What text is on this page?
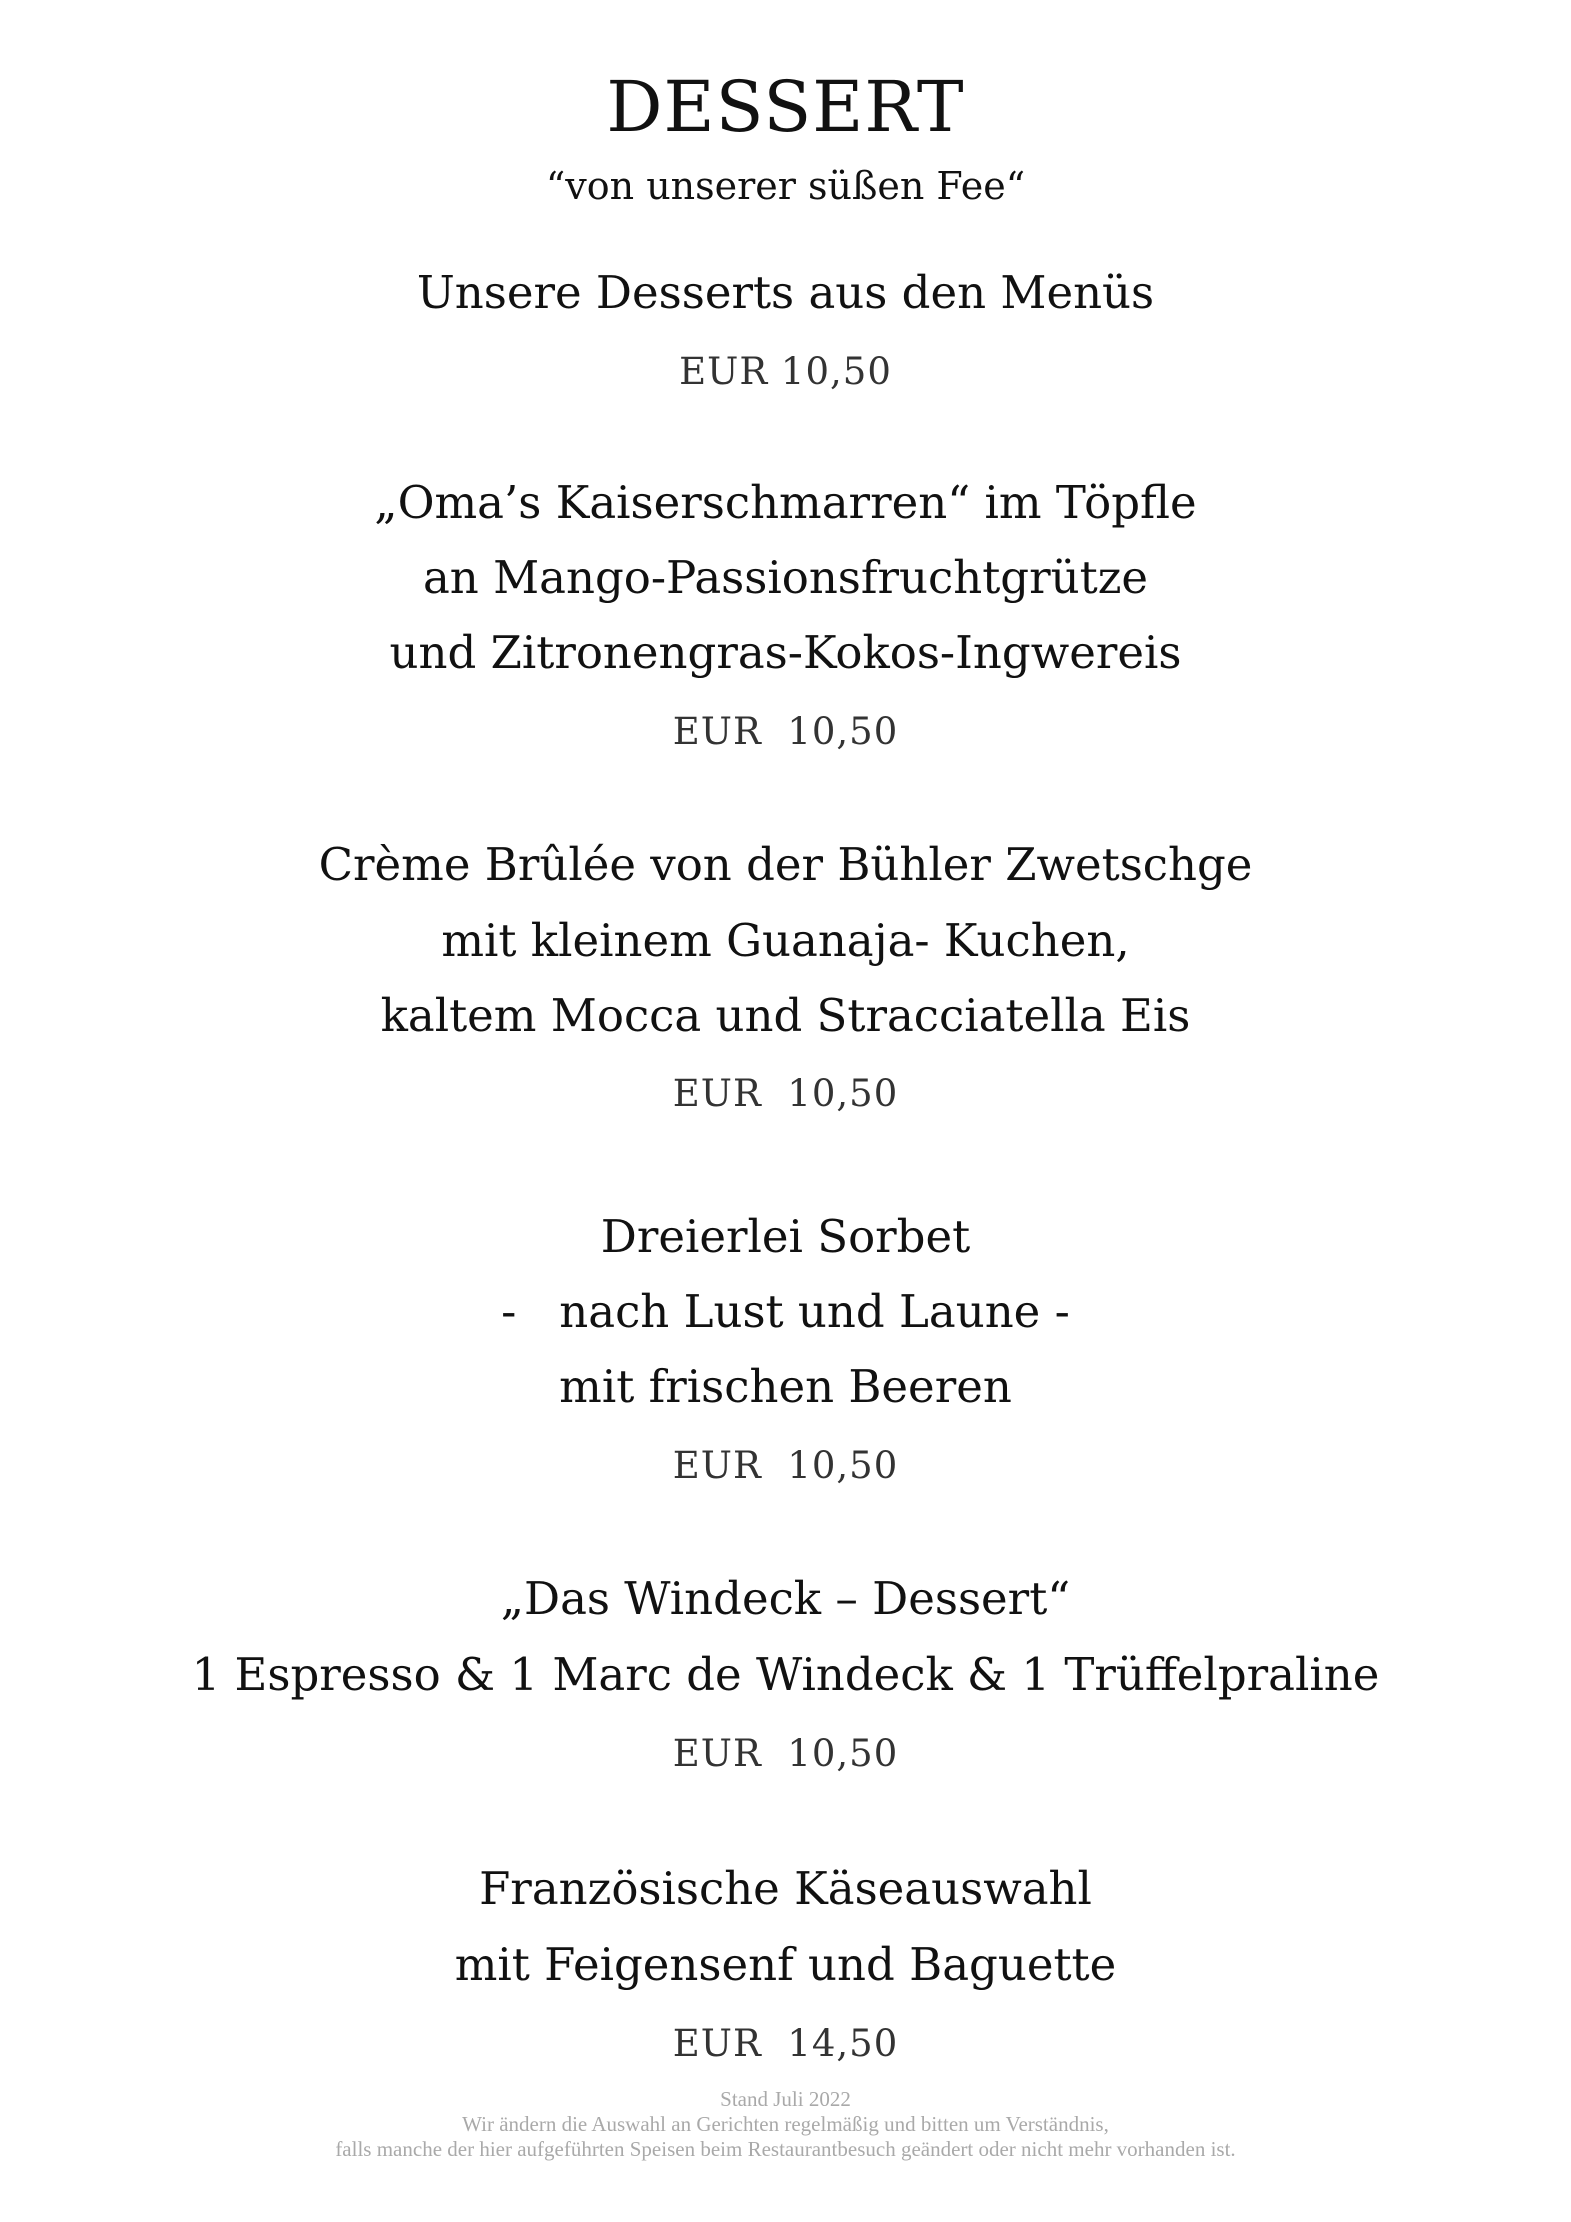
DESSERT
“von unserer süßen Fee“
Unsere Desserts aus den Menüs
EUR 10,50
„Oma’s Kaiserschmarren“ im Töpfle
an Mango-Passionsfruchtgrütze
und Zitronengras-Kokos-Ingwereis
EUR  10,50
Crème Brûlée von der Bühler Zwetschge
mit kleinem Guanaja- Kuchen,
kaltem Mocca und Stracciatella Eis
EUR  10,50
Dreierlei Sorbet
-   nach Lust und Laune -
mit frischen Beeren
EUR  10,50
„Das Windeck – Dessert“
1 Espresso & 1 Marc de Windeck & 1 Trüffelpraline
EUR  10,50
Französische Käseauswahl
mit Feigensenf und Baguette
EUR  14,50
Stand Juli 2022
Wir ändern die Auswahl an Gerichten regelmäßig und bitten um Verständnis,
falls manche der hier aufgeführten Speisen beim Restaurantbesuch geändert oder nicht mehr vorhanden ist.
